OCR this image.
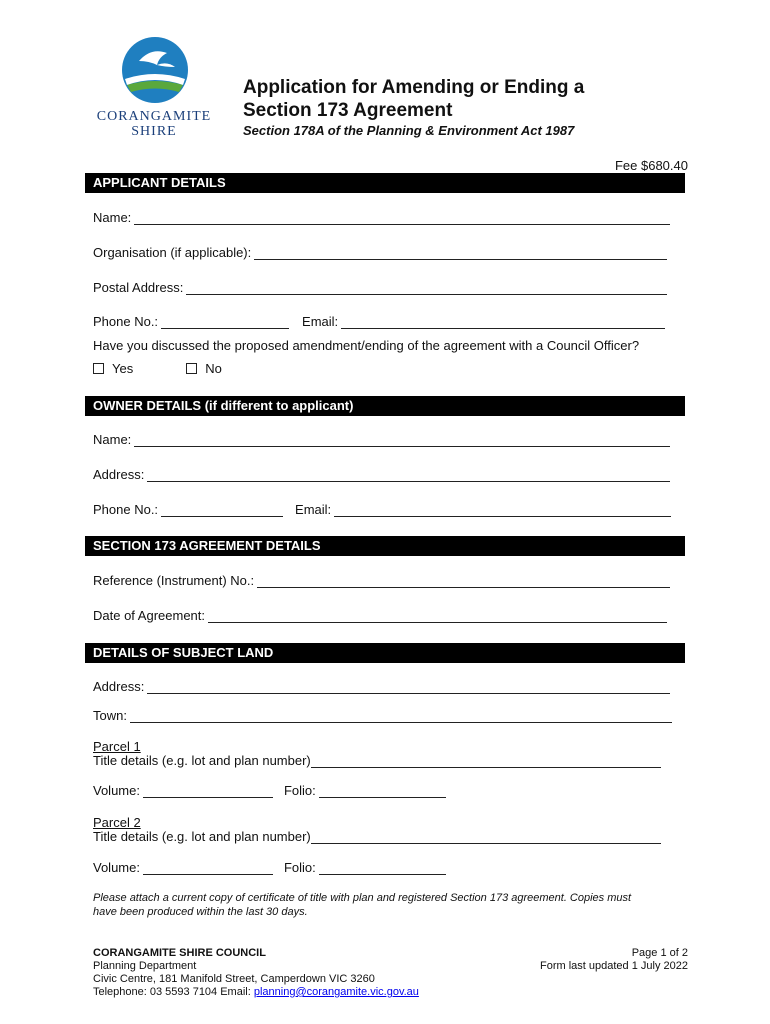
CORANGAMITE
SHIRE
Application for Amending or Ending a
Section 173 Agreement
Section 178A of the Planning & Environment Act 1987
Fee $680.40
APPLICANT DETAILS
Name:
Organisation (if applicable):
Postal Address:
Phone No.:	Email:
Have you discussed the proposed amendment/ending of the agreement with a Council Officer?
Yes	No
OWNER DETAILS (if different to applicant)
Name:
Address:
Phone No.:	Email:
SECTION 173 AGREEMENT DETAILS
Reference (Instrument) No.:
Date of Agreement:
DETAILS OF SUBJECT LAND
Address:
Town:
Parcel 1
Title details (e.g. lot and plan number)
Volume:	Folio:
Parcel 2
Title details (e.g. lot and plan number)
Volume:	Folio:
Please attach a current copy of certificate of title with plan and registered Section 173 agreement. Copies must
have been produced within the last 30 days.
CORANGAMITE SHIRE COUNCIL
Planning Department
Civic Centre, 181 Manifold Street, Camperdown VIC 3260
Telephone: 03 5593 7104 Email: planning@corangamite.vic.gov.au
Page 1 of 2
Form last updated 1 July 2022
